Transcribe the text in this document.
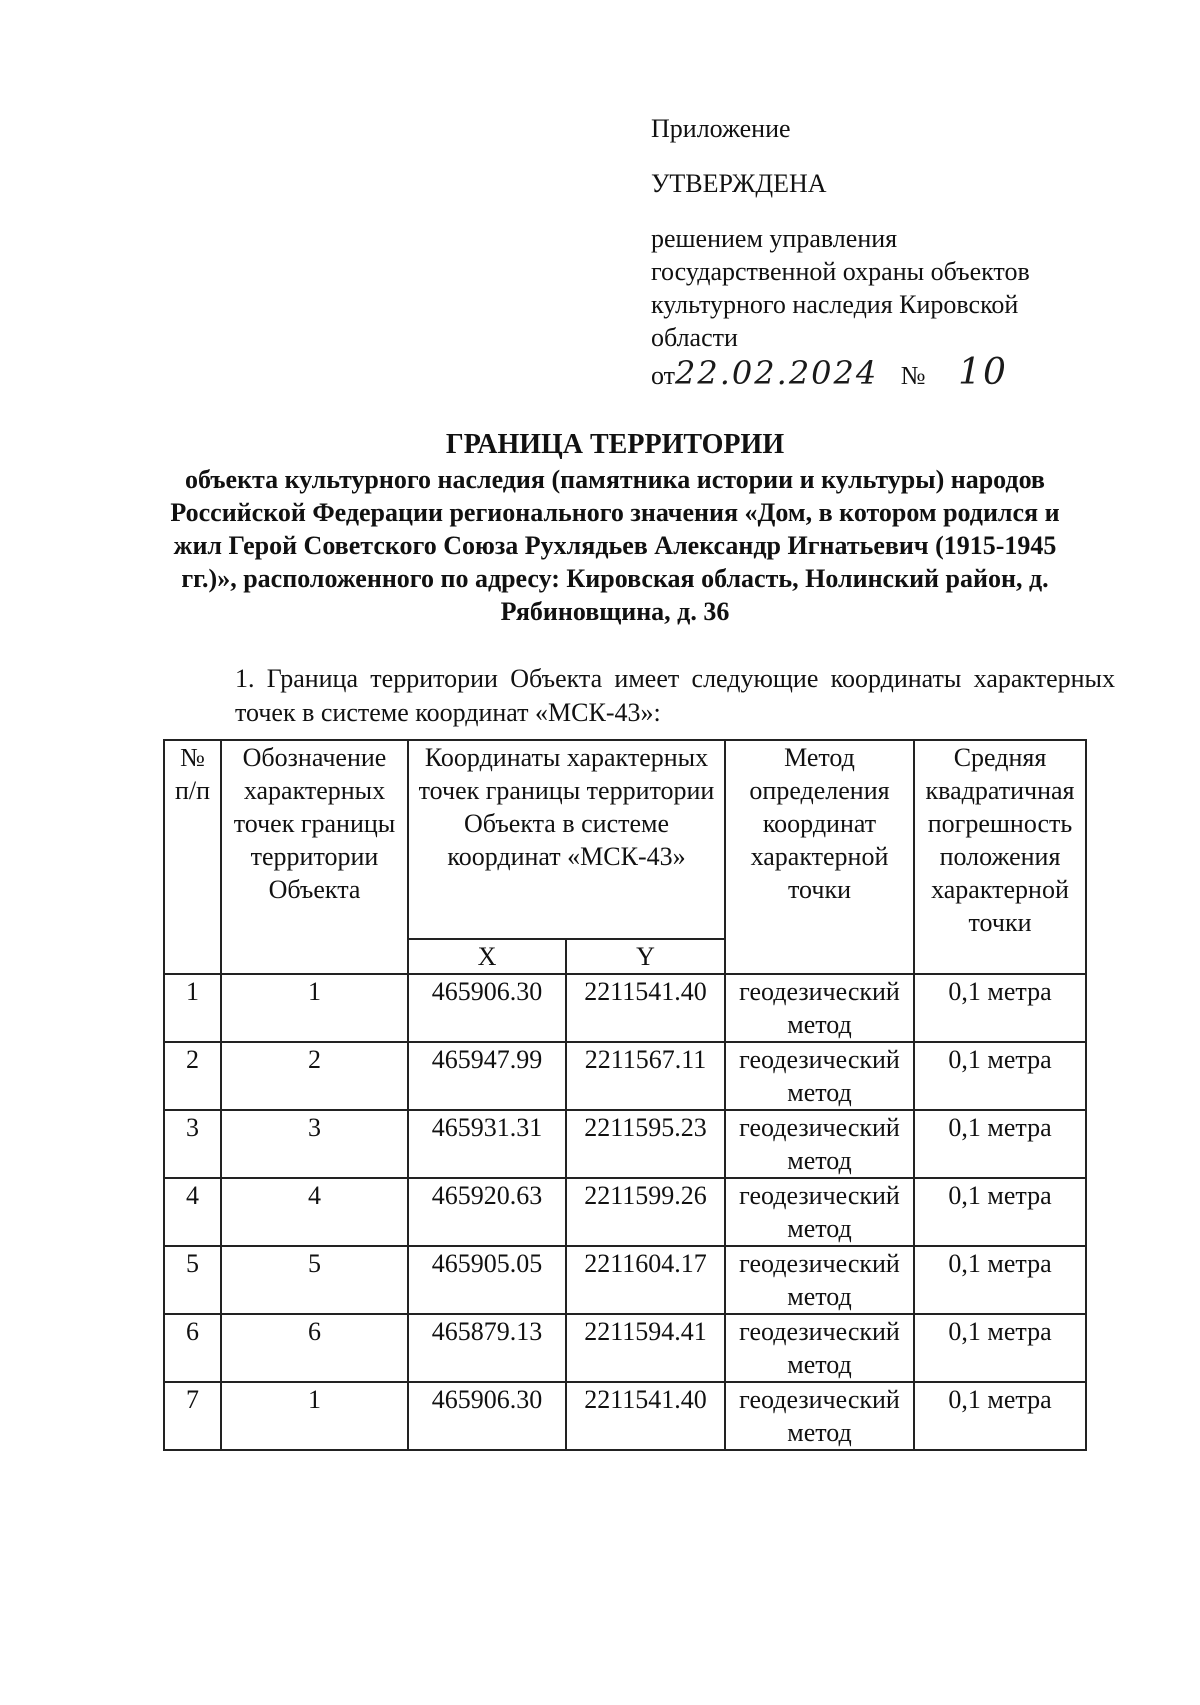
Приложение
УТВЕРЖДЕНА
решением управления
государственной охраны объектов
культурного наследия Кировской
области
от22.02.2024 № 10
ГРАНИЦА ТЕРРИТОРИИ
объекта культурного наследия (памятника истории и культуры) народов Российской Федерации регионального значения «Дом, в котором родился и жил Герой Советского Союза Рухлядьев Александр Игнатьевич (1915-1945 гг.)», расположенного по адресу: Кировская область, Нолинский район, д. Рябиновщина, д. 36
1. Граница территории Объекта имеет следующие координаты характерных точек в системе координат «МСК-43»:
№ п/п	Обозначение характерных точек границы территории Объекта	Координаты характерных точек границы территории Объекта в системе координат «МСК-43»		Метод определения координат характерной точки	Средняя квадратичная погрешность положения характерной точки
		X	Y		
1	1	465906.30	2211541.40	геодезический метод	0,1 метра
2	2	465947.99	2211567.11	геодезический метод	0,1 метра
3	3	465931.31	2211595.23	геодезический метод	0,1 метра
4	4	465920.63	2211599.26	геодезический метод	0,1 метра
5	5	465905.05	2211604.17	геодезический метод	0,1 метра
6	6	465879.13	2211594.41	геодезический метод	0,1 метра
7	1	465906.30	2211541.40	геодезический метод	0,1 метра
